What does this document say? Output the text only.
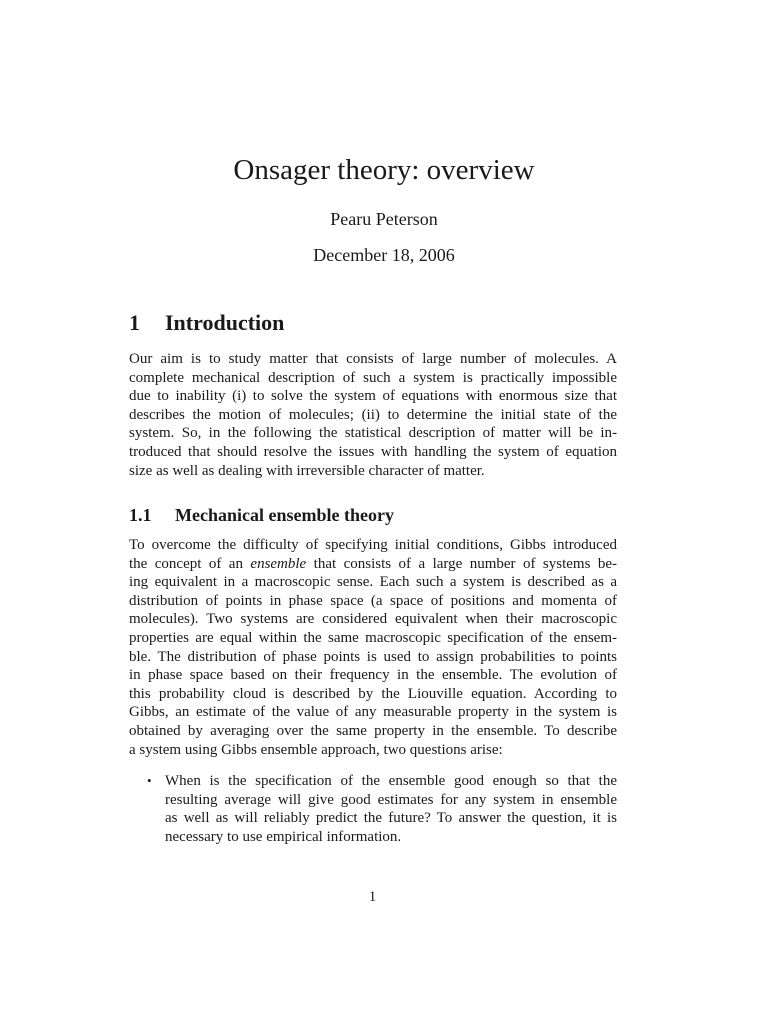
Onsager theory: overview
Pearu Peterson
December 18, 2006
1 Introduction

Our aim is to study matter that consists of large number of molecules. A
complete mechanical description of such a system is practically impossible
due to inability (i) to solve the system of equations with enormous size that
describes the motion of molecules; (ii) to determine the initial state of the
system. So, in the following the statistical description of matter will be in-
troduced that should resolve the issues with handling the system of equation
size as well as dealing with irreversible character of matter.

1.1 Mechanical ensemble theory

To overcome the difficulty of specifying initial conditions, Gibbs introduced
the concept of an ensemble that consists of a large number of systems be-
ing equivalent in a macroscopic sense. Each such a system is described as a
distribution of points in phase space (a space of positions and momenta of
molecules). Two systems are considered equivalent when their macroscopic
properties are equal within the same macroscopic specification of the ensem-
ble. The distribution of phase points is used to assign probabilities to points
in phase space based on their frequency in the ensemble. The evolution of
this probability cloud is described by the Liouville equation. According to
Gibbs, an estimate of the value of any measurable property in the system is
obtained by averaging over the same property in the ensemble. To describe
a system using Gibbs ensemble approach, two questions arise:

• When is the specification of the ensemble good enough so that the
resulting average will give good estimates for any system in ensemble
as well as will reliably predict the future? To answer the question, it is
necessary to use empirical information.
1
